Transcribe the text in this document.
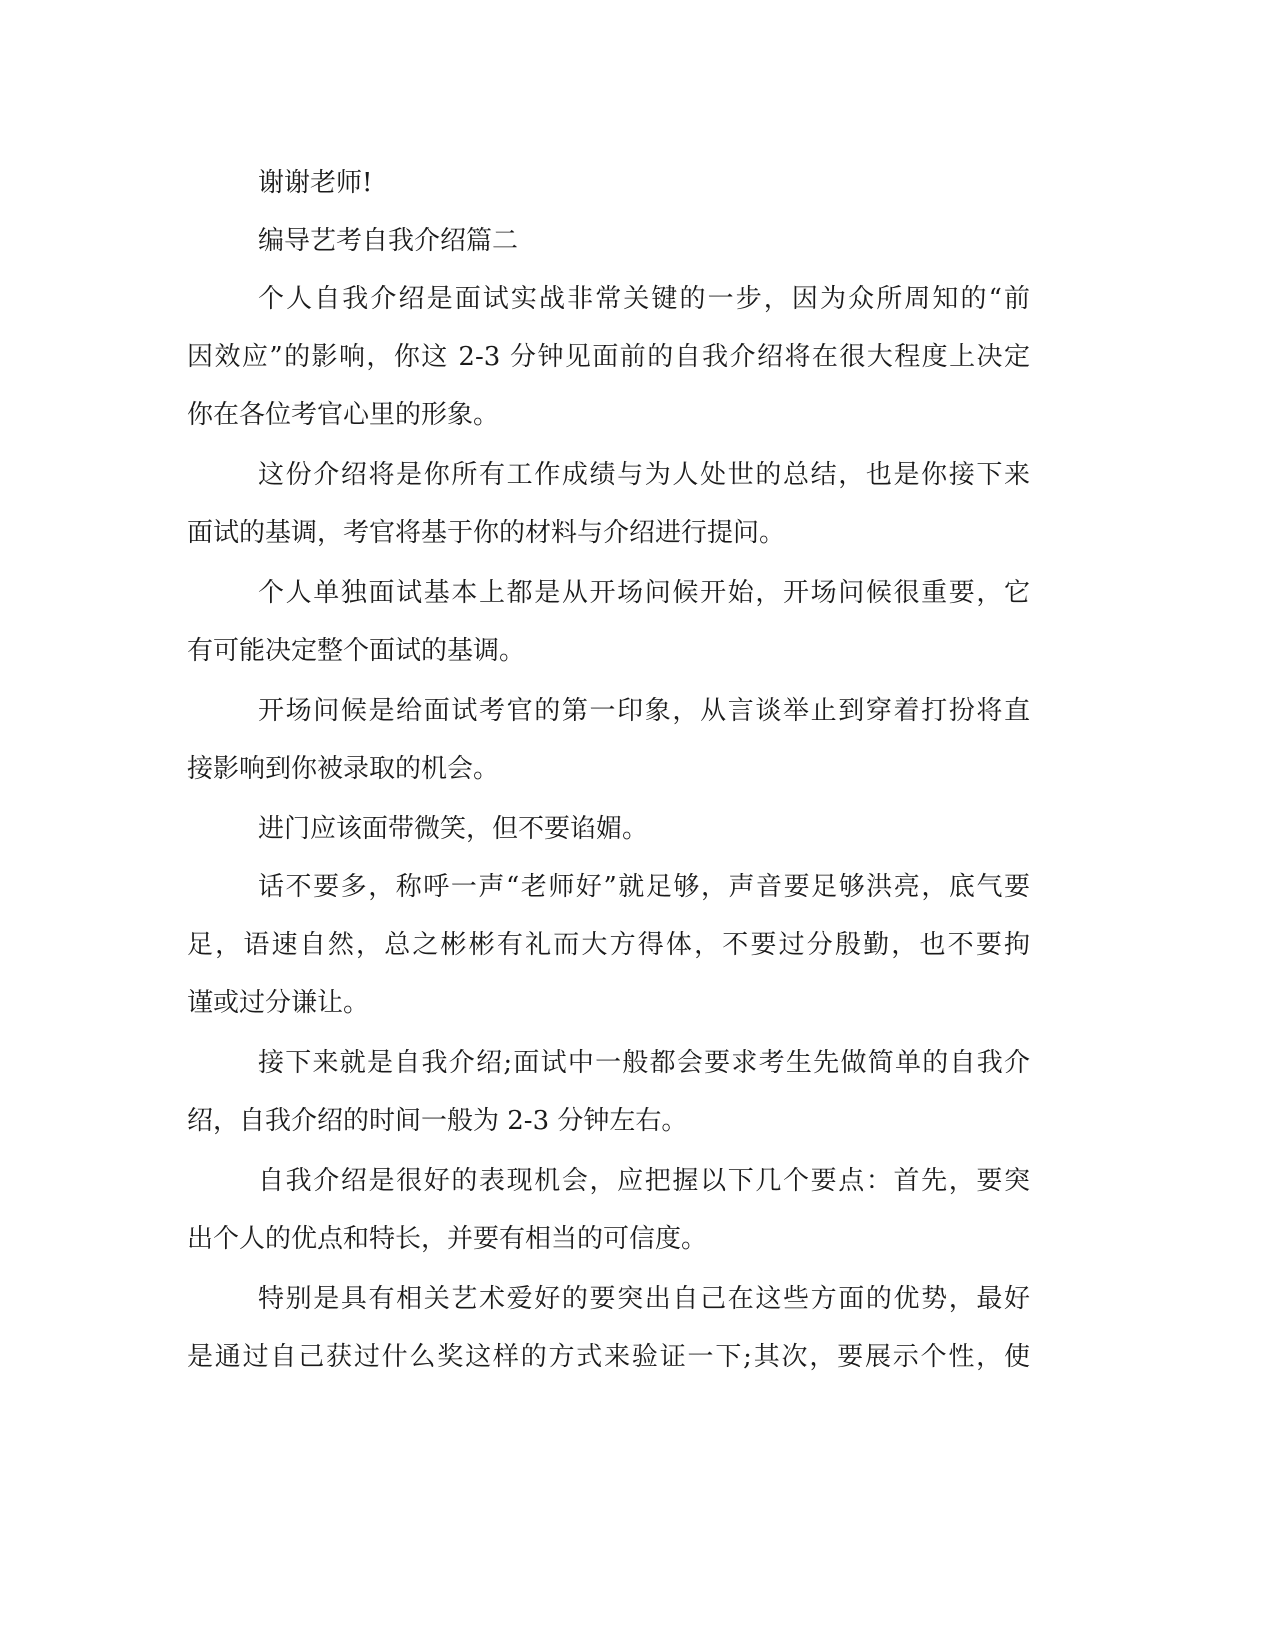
谢谢老师!
编导艺考自我介绍篇二
个人自我介绍是面试实战非常关键的一步，因为众所周知的“前
因效应”的影响，你这 2-3 分钟见面前的自我介绍将在很大程度上决定
你在各位考官心里的形象。
这份介绍将是你所有工作成绩与为人处世的总结，也是你接下来
面试的基调，考官将基于你的材料与介绍进行提问。
个人单独面试基本上都是从开场问候开始，开场问候很重要，它
有可能决定整个面试的基调。
开场问候是给面试考官的第一印象，从言谈举止到穿着打扮将直
接影响到你被录取的机会。
进门应该面带微笑，但不要谄媚。
话不要多，称呼一声“老师好”就足够，声音要足够洪亮，底气要
足，语速自然，总之彬彬有礼而大方得体，不要过分殷勤，也不要拘
谨或过分谦让。
接下来就是自我介绍;面试中一般都会要求考生先做简单的自我介
绍，自我介绍的时间一般为 2-3 分钟左右。
自我介绍是很好的表现机会，应把握以下几个要点：首先，要突
出个人的优点和特长，并要有相当的可信度。
特别是具有相关艺术爱好的要突出自己在这些方面的优势，最好
是通过自己获过什么奖这样的方式来验证一下;其次，要展示个性，使
